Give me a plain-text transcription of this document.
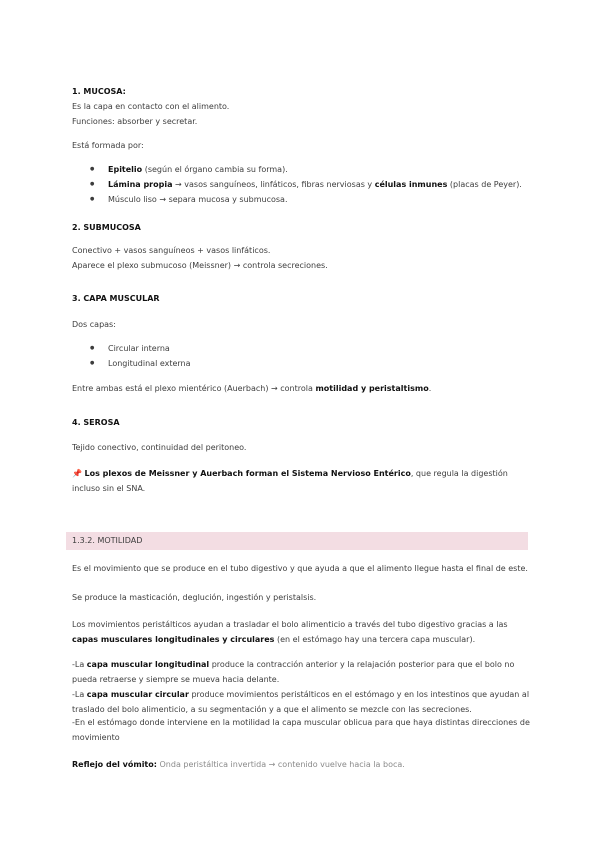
1. MUCOSA:
Es la capa en contacto con el alimento.
Funciones: absorber y secretar.
Está formada por:
● Epitelio (según el órgano cambia su forma).
● Lámina propia → vasos sanguíneos, linfáticos, fibras nerviosas y células inmunes (placas de Peyer).
● Músculo liso → separa mucosa y submucosa.
2. SUBMUCOSA
Conectivo + vasos sanguíneos + vasos linfáticos.
Aparece el plexo submucoso (Meissner) → controla secreciones.
3. CAPA MUSCULAR
Dos capas:
● Circular interna
● Longitudinal externa
Entre ambas está el plexo mientérico (Auerbach) → controla motilidad y peristaltismo.
4. SEROSA
Tejido conectivo, continuidad del peritoneo.
📌 Los plexos de Meissner y Auerbach forman el Sistema Nervioso Entérico, que regula la digestión incluso sin el SNA.
1.3.2. MOTILIDAD
Es el movimiento que se produce en el tubo digestivo y que ayuda a que el alimento llegue hasta el final de este.
Se produce la masticación, deglución, ingestión y peristalsis.
Los movimientos peristálticos ayudan a trasladar el bolo alimenticio a través del tubo digestivo gracias a las capas musculares longitudinales y circulares (en el estómago hay una tercera capa muscular).
-La capa muscular longitudinal produce la contracción anterior y la relajación posterior para que el bolo no pueda retraerse y siempre se mueva hacia delante.
-La capa muscular circular produce movimientos peristálticos en el estómago y en los intestinos que ayudan al traslado del bolo alimenticio, a su segmentación y a que el alimento se mezcle con las secreciones.
-En el estómago donde interviene en la motilidad la capa muscular oblicua para que haya distintas direcciones de movimiento
Reflejo del vómito: Onda peristáltica invertida → contenido vuelve hacia la boca.
